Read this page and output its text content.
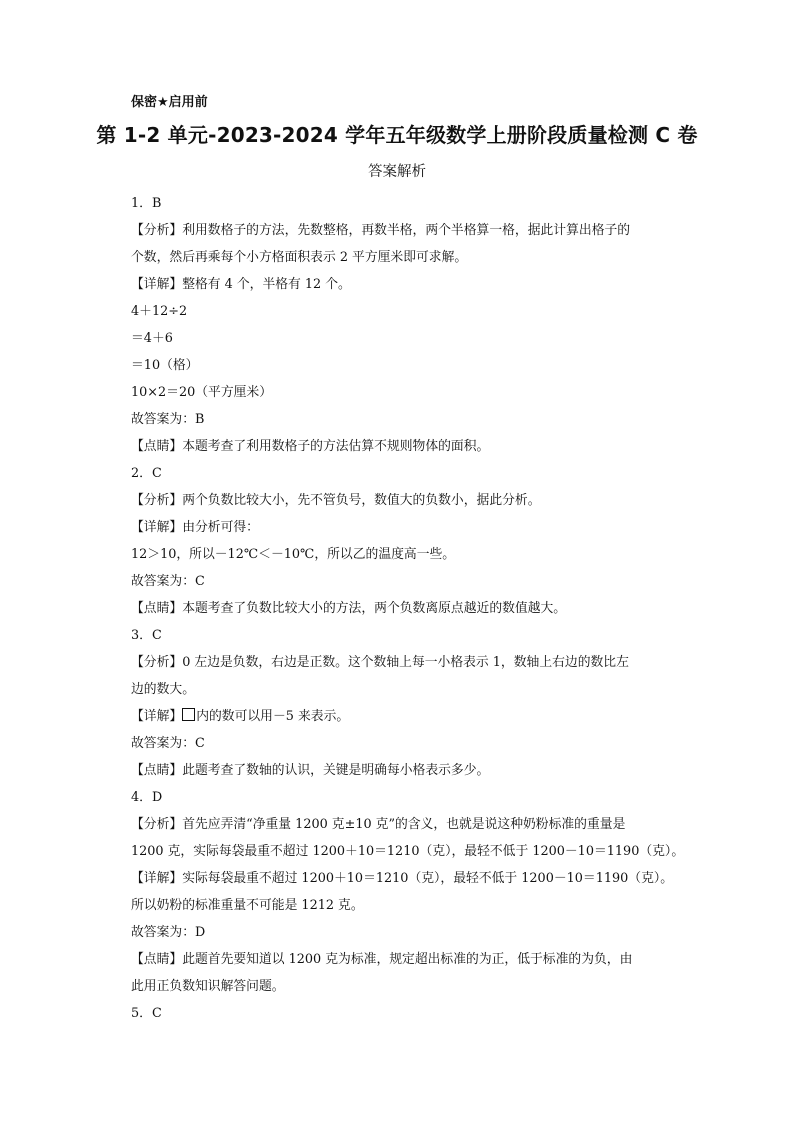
保密★启用前
第 1-2 单元-2023-2024 学年五年级数学上册阶段质量检测 C 卷
答案解析
1．B
【分析】利用数格子的方法，先数整格，再数半格，两个半格算一格，据此计算出格子的
个数，然后再乘每个小方格面积表示 2 平方厘米即可求解。
【详解】整格有 4 个，半格有 12 个。
4＋12÷2
＝4＋6
＝10（格）
10×2＝20（平方厘米）
故答案为：B
【点睛】本题考查了利用数格子的方法估算不规则物体的面积。
2．C
【分析】两个负数比较大小，先不管负号，数值大的负数小，据此分析。
【详解】由分析可得：
12＞10，所以－12℃＜－10℃，所以乙的温度高一些。
故答案为：C
【点睛】本题考查了负数比较大小的方法，两个负数离原点越近的数值越大。
3．C
【分析】0 左边是负数，右边是正数。这个数轴上每一小格表示 1，数轴上右边的数比左
边的数大。
【详解】 内的数可以用－5 来表示。
故答案为：C
【点睛】此题考查了数轴的认识，关键是明确每小格表示多少。
4．D
【分析】首先应弄清“净重量 1200 克±10 克”的含义，也就是说这种奶粉标准的重量是
1200 克，实际每袋最重不超过 1200＋10＝1210（克），最轻不低于 1200－10＝1190（克）。
【详解】实际每袋最重不超过 1200＋10＝1210（克），最轻不低于 1200－10＝1190（克）。
所以奶粉的标准重量不可能是 1212 克。
故答案为：D
【点睛】此题首先要知道以 1200 克为标准，规定超出标准的为正，低于标准的为负，由
此用正负数知识解答问题。
5．C
